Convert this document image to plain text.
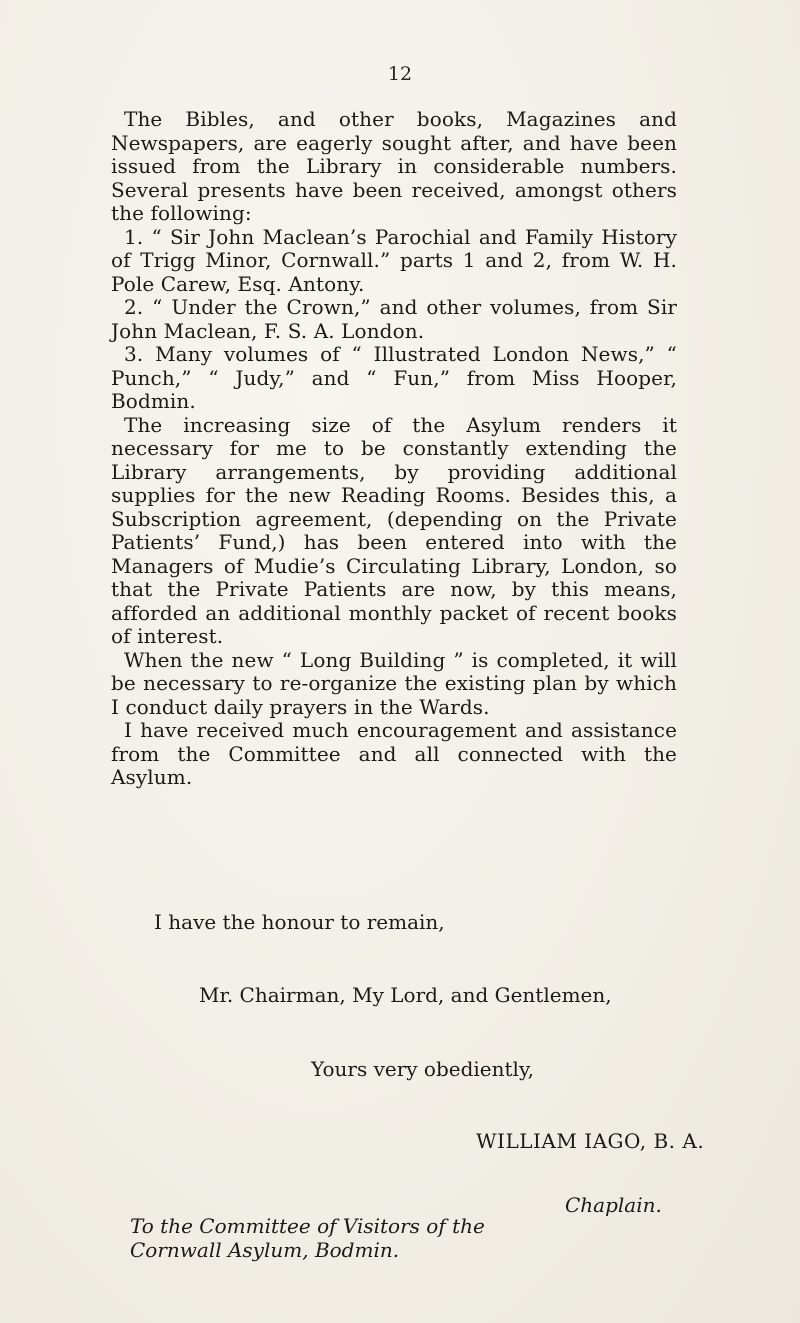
12

The Bibles, and other books, Magazines and Newspapers, are eagerly sought after, and have been issued from the Library in considerable numbers. Several presents have been received, amongst others the following:

1. “ Sir John Maclean’s Parochial and Family History of Trigg Minor, Cornwall.” parts 1 and 2, from W. H. Pole Carew, Esq. Antony.

2. “ Under the Crown,” and other volumes, from Sir John Maclean, F. S. A. London.

3. Many volumes of “ Illustrated London News,” “ Punch,” “ Judy,” and “ Fun,” from Miss Hooper, Bodmin.

The increasing size of the Asylum renders it necessary for me to be constantly extending the Library arrangements, by providing additional supplies for the new Reading Rooms. Besides this, a Subscription agreement, (depending on the Private Patients’ Fund,) has been entered into with the Managers of Mudie’s Circulating Library, London, so that the Private Patients are now, by this means, afforded an additional monthly packet of recent books of interest.

When the new “ Long Building ” is completed, it will be necessary to re-organize the existing plan by which I conduct daily prayers in the Wards.

I have received much encouragement and assistance from the Committee and all connected with the Asylum.

I have the honour to remain,
Mr. Chairman, My Lord, and Gentlemen,
Yours very obediently,
WILLIAM IAGO, B. A.
Chaplain.
To the Committee of Visitors of the
Cornwall Asylum, Bodmin.
